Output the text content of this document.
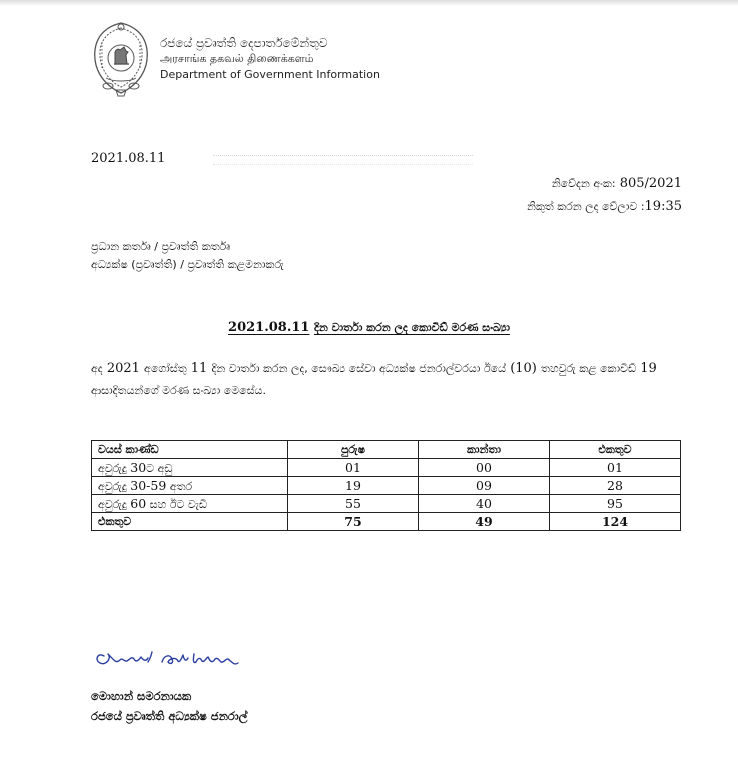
රජයේ ප්‍රවෘත්ති දෙපාර්තමේන්තුව
அரசாங்க தகவல் திணைக்களம்
Department of Government Information
2021.08.11
නිවේදන අංක: 805/2021
නිකුත් කරන ලද වේලාව :19:35
ප්‍රධාන කර්තෘ / ප්‍රවෘත්ති කර්තෘ
අධ්‍යක්ෂ (ප්‍රවෘත්ති) / ප්‍රවෘත්ති කළමනාකරු
2021.08.11 දින වාර්තා කරන ලද කොවිඩ් මරණ සංඛ්‍යා
අද 2021 අගෝස්තු 11 දින වාර්තා කරන ලද, සෞඛ්‍ය සේවා අධ්‍යක්ෂ ජනරාල්වරයා ඊයේ (10) තහවුරු කළ කොවිඩ් 19 ආසාදිතයන්ගේ මරණ සංඛ්‍යා මෙසේය.
වයස් කාණ්ඩ	පුරුෂ	කාන්තා	එකතුව
අවුරුදු 30ට අඩු	01	00	01
අවුරුදු 30-59 අතර	19	09	28
අවුරුදු 60 සහ ඊට වැඩි	55	40	95
එකතුව	75	49	124
මොහාන් සමරනායක
රජයේ ප්‍රවෘත්ති අධ්‍යක්ෂ ජනරාල්
